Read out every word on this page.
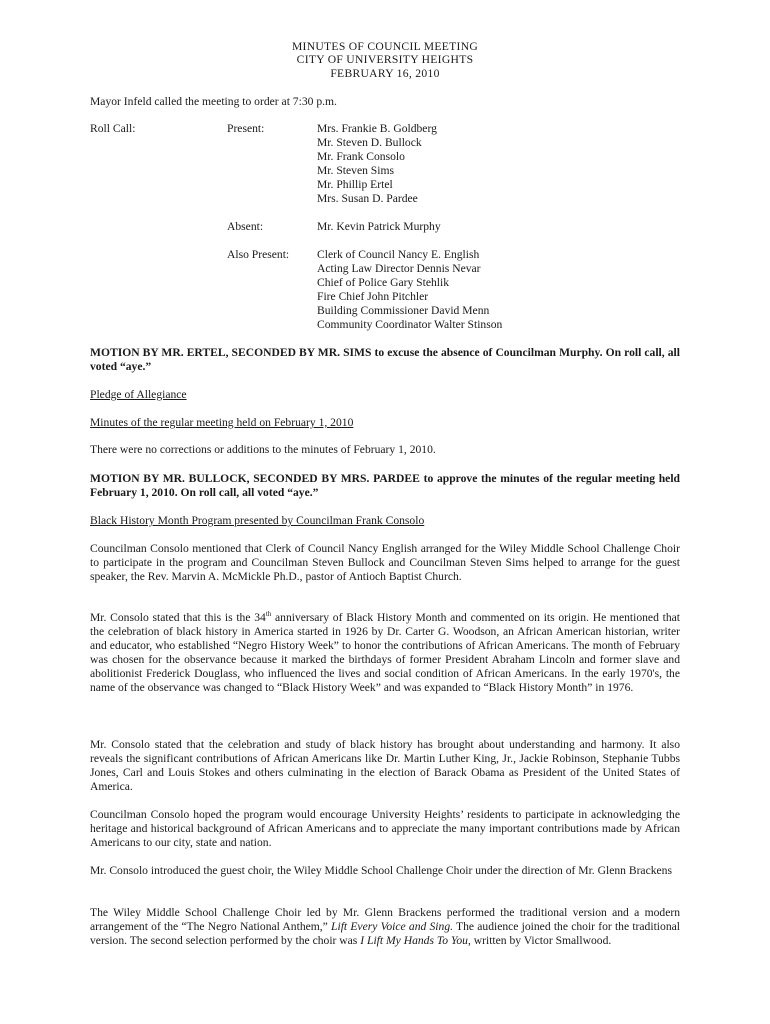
MINUTES OF COUNCIL MEETING
CITY OF UNIVERSITY HEIGHTS
FEBRUARY 16, 2010
Mayor Infeld called the meeting to order at 7:30 p.m.
Roll Call:	Present:	Mrs. Frankie B. Goldberg
Mr. Steven D. Bullock
Mr. Frank Consolo
Mr. Steven Sims
Mr. Phillip Ertel
Mrs. Susan D. Pardee
Absent:	Mr. Kevin Patrick Murphy
Also Present: Clerk of Council Nancy E. English
Acting Law Director Dennis Nevar
Chief of Police Gary Stehlik
Fire Chief John Pitchler
Building Commissioner David Menn
Community Coordinator Walter Stinson
MOTION BY MR. ERTEL, SECONDED BY MR. SIMS to excuse the absence of Councilman Murphy. On roll call, all voted “aye.”
Pledge of Allegiance
Minutes of the regular meeting held on February 1, 2010
There were no corrections or additions to the minutes of February 1, 2010.
MOTION BY MR. BULLOCK, SECONDED BY MRS. PARDEE to approve the minutes of the regular meeting held February 1, 2010. On roll call, all voted “aye.”
Black History Month Program presented by Councilman Frank Consolo
Councilman Consolo mentioned that Clerk of Council Nancy English arranged for the Wiley Middle School Challenge Choir to participate in the program and Councilman Steven Bullock and Councilman Steven Sims helped to arrange for the guest speaker, the Rev. Marvin A. McMickle Ph.D., pastor of Antioch Baptist Church.
Mr. Consolo stated that this is the 34th anniversary of Black History Month and commented on its origin. He mentioned that the celebration of black history in America started in 1926 by Dr. Carter G. Woodson, an African American historian, writer and educator, who established “Negro History Week” to honor the contributions of African Americans. The month of February was chosen for the observance because it marked the birthdays of former President Abraham Lincoln and former slave and abolitionist Frederick Douglass, who influenced the lives and social condition of African Americans. In the early 1970's, the name of the observance was changed to “Black History Week” and was expanded to “Black History Month” in 1976.
Mr. Consolo stated that the celebration and study of black history has brought about understanding and harmony. It also reveals the significant contributions of African Americans like Dr. Martin Luther King, Jr., Jackie Robinson, Stephanie Tubbs Jones, Carl and Louis Stokes and others culminating in the election of Barack Obama as President of the United States of America.
Councilman Consolo hoped the program would encourage University Heights’ residents to participate in acknowledging the heritage and historical background of African Americans and to appreciate the many important contributions made by African Americans to our city, state and nation.
Mr. Consolo introduced the guest choir, the Wiley Middle School Challenge Choir under the direction of Mr. Glenn Brackens
The Wiley Middle School Challenge Choir led by Mr. Glenn Brackens performed the traditional version and a modern arrangement of the “The Negro National Anthem,” Lift Every Voice and Sing. The audience joined the choir for the traditional version. The second selection performed by the choir was I Lift My Hands To You, written by Victor Smallwood.
